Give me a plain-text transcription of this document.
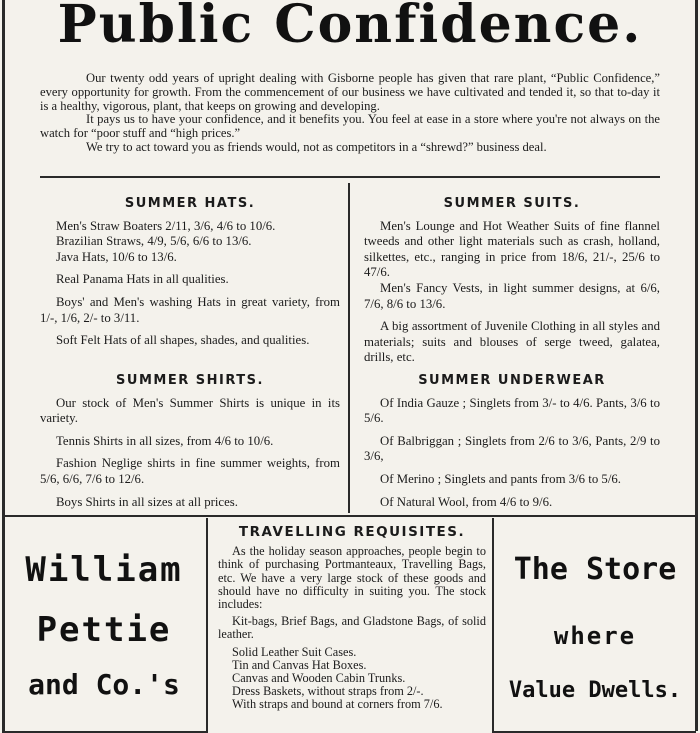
Public Confidence.

Our twenty odd years of upright dealing with Gisborne people has given that rare plant, “Public Confidence,” every opportunity for growth. From the commencement of our business we have cultivated and tended it, so that to-day it is a healthy, vigorous, plant, that keeps on growing and developing.

It pays us to have your confidence, and it benefits you. You feel at ease in a store where you're not always on the watch for “poor stuff and “high prices.”

We try to act toward you as friends would, not as competitors in a “shrewd?” business deal.

SUMMER HATS.

Men's Straw Boaters 2/11, 3/6, 4/6 to 10/6.

Brazilian Straws, 4/9, 5/6, 6/6 to 13/6.

Java Hats, 10/6 to 13/6.

Real Panama Hats in all qualities.

Boys' and Men's washing Hats in great variety, from 1/-, 1/6, 2/- to 3/11.

Soft Felt Hats of all shapes, shades, and qualities.

SUMMER SHIRTS.

Our stock of Men's Summer Shirts is unique in its variety.

Tennis Shirts in all sizes, from 4/6 to 10/6.

Fashion Neglige shirts in fine summer weights, from 5/6, 6/6, 7/6 to 12/6.

Boys Shirts in all sizes at all prices.

SUMMER SUITS.

Men's Lounge and Hot Weather Suits of fine flannel tweeds and other light materials such as crash, holland, silkettes, etc., ranging in price from 18/6, 21/-, 25/6 to 47/6.

Men's Fancy Vests, in light summer designs, at 6/6, 7/6, 8/6 to 13/6.

A big assortment of Juvenile Clothing in all styles and materials; suits and blouses of serge tweed, galatea, drills, etc.

SUMMER UNDERWEAR

Of India Gauze ; Singlets from 3/- to 4/6. Pants, 3/6 to 5/6.

Of Balbriggan ; Singlets from 2/6 to 3/6, Pants, 2/9 to 3/6,

Of Merino ; Singlets and pants from 3/6 to 5/6.

Of Natural Wool, from 4/6 to 9/6.

William
Pettie
and Co.'s
TRAVELLING REQUISITES.

As the holiday season approaches, people begin to think of purchasing Portmanteaux, Travelling Bags, etc. We have a very large stock of these goods and should have no difficulty in suiting you. The stock includes:

Kit-bags, Brief Bags, and Gladstone Bags, of solid leather.

Solid Leather Suit Cases.

Tin and Canvas Hat Boxes.

Canvas and Wooden Cabin Trunks.

Dress Baskets, without straps from 2/-.

With straps and bound at corners from 7/6.

The Store
where
Value Dwells.
